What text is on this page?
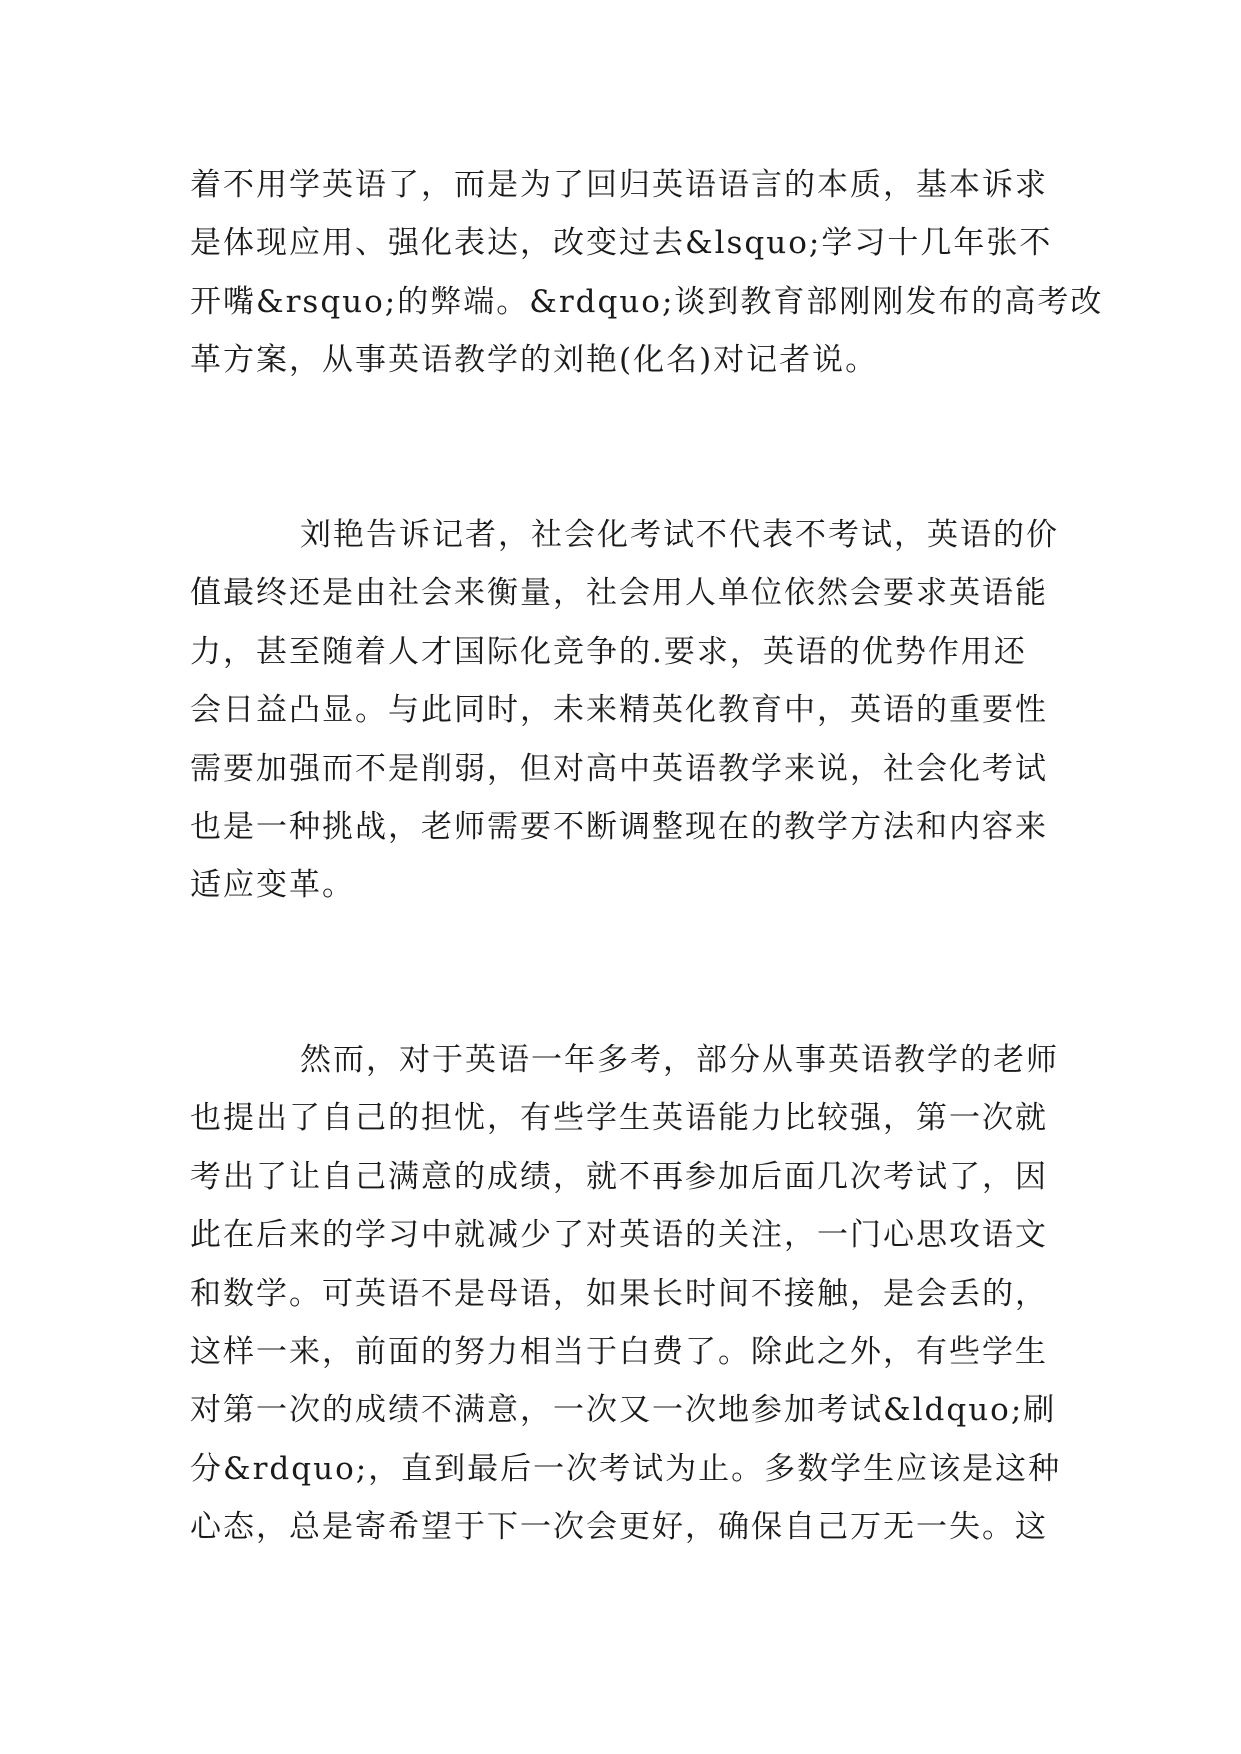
着不用学英语了，而是为了回归英语语言的本质，基本诉求
是体现应用、强化表达，改变过去&lsquo;学习十几年张不
开嘴&rsquo;的弊端。&rdquo;谈到教育部刚刚发布的高考改
革方案，从事英语教学的刘艳(化名)对记者说。

刘艳告诉记者，社会化考试不代表不考试，英语的价
值最终还是由社会来衡量，社会用人单位依然会要求英语能
力，甚至随着人才国际化竞争的.要求，英语的优势作用还
会日益凸显。与此同时，未来精英化教育中，英语的重要性
需要加强而不是削弱，但对高中英语教学来说，社会化考试
也是一种挑战，老师需要不断调整现在的教学方法和内容来
适应变革。

然而，对于英语一年多考，部分从事英语教学的老师
也提出了自己的担忧，有些学生英语能力比较强，第一次就
考出了让自己满意的成绩，就不再参加后面几次考试了，因
此在后来的学习中就减少了对英语的关注，一门心思攻语文
和数学。可英语不是母语，如果长时间不接触，是会丢的，
这样一来，前面的努力相当于白费了。除此之外，有些学生
对第一次的成绩不满意，一次又一次地参加考试&ldquo;刷
分&rdquo;，直到最后一次考试为止。多数学生应该是这种
心态，总是寄希望于下一次会更好，确保自己万无一失。这
